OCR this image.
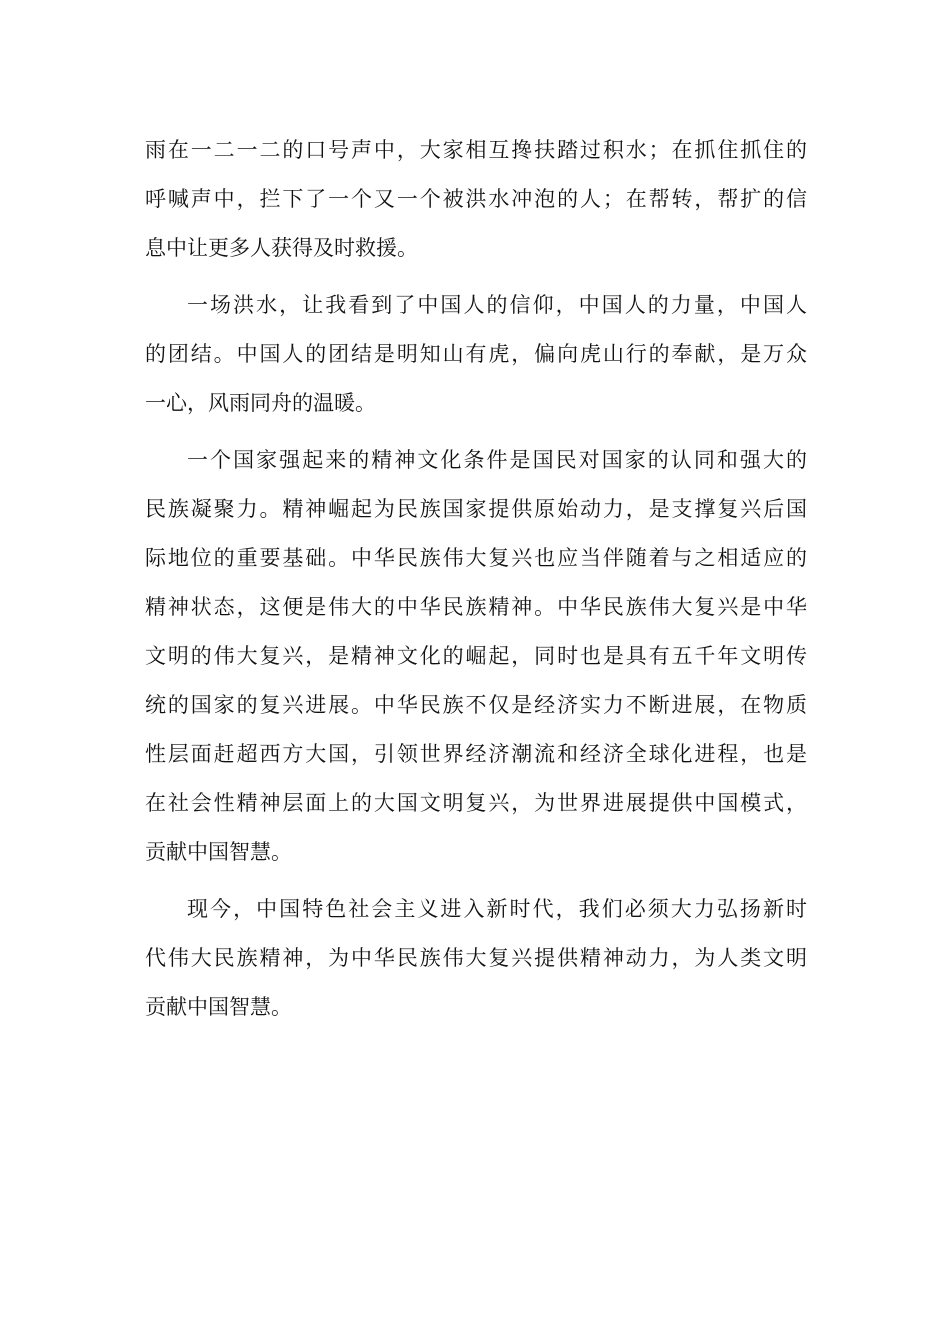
雨在一二一二的口号声中，大家相互搀扶踏过积水；在抓住抓住的
呼喊声中，拦下了一个又一个被洪水冲泡的人；在帮转，帮扩的信
息中让更多人获得及时救援。
一场洪水，让我看到了中国人的信仰，中国人的力量，中国人
的团结。中国人的团结是明知山有虎，偏向虎山行的奉献，是万众
一心，风雨同舟的温暖。
一个国家强起来的精神文化条件是国民对国家的认同和强大的
民族凝聚力。精神崛起为民族国家提供原始动力，是支撑复兴后国
际地位的重要基础。中华民族伟大复兴也应当伴随着与之相适应的
精神状态，这便是伟大的中华民族精神。中华民族伟大复兴是中华
文明的伟大复兴，是精神文化的崛起，同时也是具有五千年文明传
统的国家的复兴进展。中华民族不仅是经济实力不断进展，在物质
性层面赶超西方大国，引领世界经济潮流和经济全球化进程，也是
在社会性精神层面上的大国文明复兴，为世界进展提供中国模式，
贡献中国智慧。
现今，中国特色社会主义进入新时代，我们必须大力弘扬新时
代伟大民族精神，为中华民族伟大复兴提供精神动力，为人类文明
贡献中国智慧。
